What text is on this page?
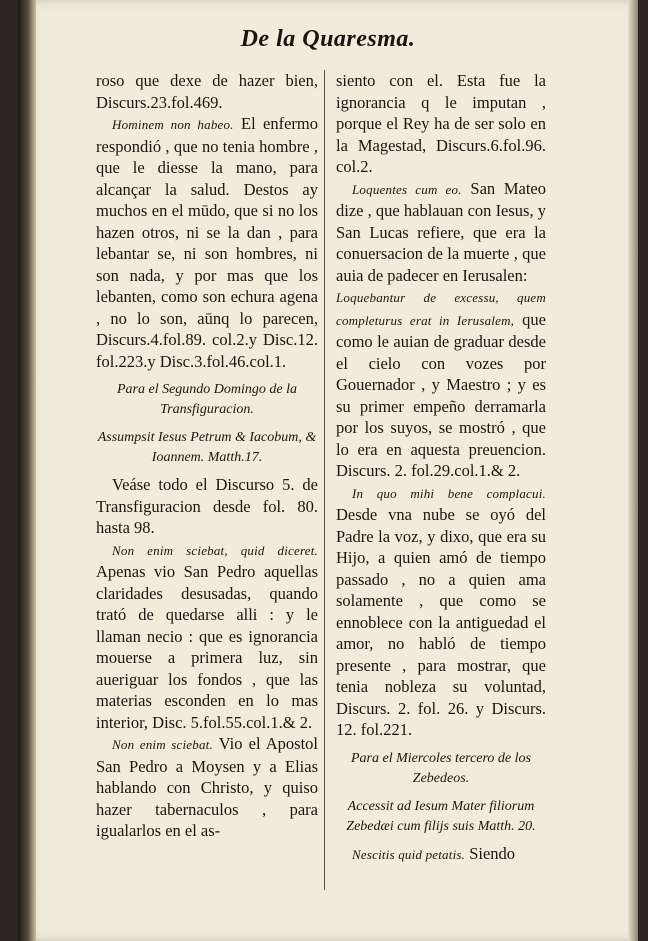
De la Quaresma.

roso que dexe de hazer bien, Discurs.23.fol.469.

Hominem non habeo. El enfermo respondió , que no tenia hombre , que le diesse la mano, para alcançar la salud. Destos ay muchos en el mūdo, que si no los hazen otros, ni se la dan , para lebantar se, ni son hombres, ni son nada, y por mas que los lebanten, como son echura agena , no lo son, aūnq lo parecen, Discurs.4.fol.89. col.2.y Disc.12. fol.223.y Disc.3.fol.46.col.1.

Para el Segundo Domingo de la Transfiguracion.

Assumpsit Iesus Petrum & Iacobum, & Ioannem. Matth.17.

Veáse todo el Discurso 5. de Transfiguracion desde fol. 80. hasta 98.

Non enim sciebat, quid diceret. Apenas vio San Pedro aquellas claridades desusadas, quando trató de quedarse alli : y le llaman necio : que es ignorancia mouerse a primera luz, sin aueriguar los fondos , que las materias esconden en lo mas interior, Disc. 5.fol.55.col.1.& 2.

Non enim sciebat. Vio el Apostol San Pedro a Moysen y a Elias hablando con Christo, y quiso hazer tabernaculos , para igualarlos en el as-

siento con el. Esta fue la ignorancia q le imputan , porque el Rey ha de ser solo en la Magestad, Discurs.6.fol.96. col.2.

Loquentes cum eo. San Mateo dize , que hablauan con Iesus, y San Lucas refiere, que era la conuersacion de la muerte , que auia de padecer en Ierusalen:

Loquebantur de excessu, quem completurus erat in Ierusalem, que como le auian de graduar desde el cielo con vozes por Gouernador , y Maestro ; y es su primer empeño derramarla por los suyos, se mostró , que lo era en aquesta preuencion. Discurs. 2. fol.29.col.1.& 2.

In quo mihi bene complacui. Desde vna nube se oyó del Padre la voz, y dixo, que era su Hijo, a quien amó de tiempo passado , no a quien ama solamente , que como se ennoblece con la antiguedad el amor, no habló de tiempo presente , para mostrar, que tenia nobleza su voluntad, Discurs. 2. fol. 26. y Discurs. 12. fol.221.

Para el Miercoles tercero de los Zebedeos.

Accessit ad Iesum Mater filiorum Zebedæi cum filijs suis Matth. 20.

Nescitis quid petatis. Siendo
